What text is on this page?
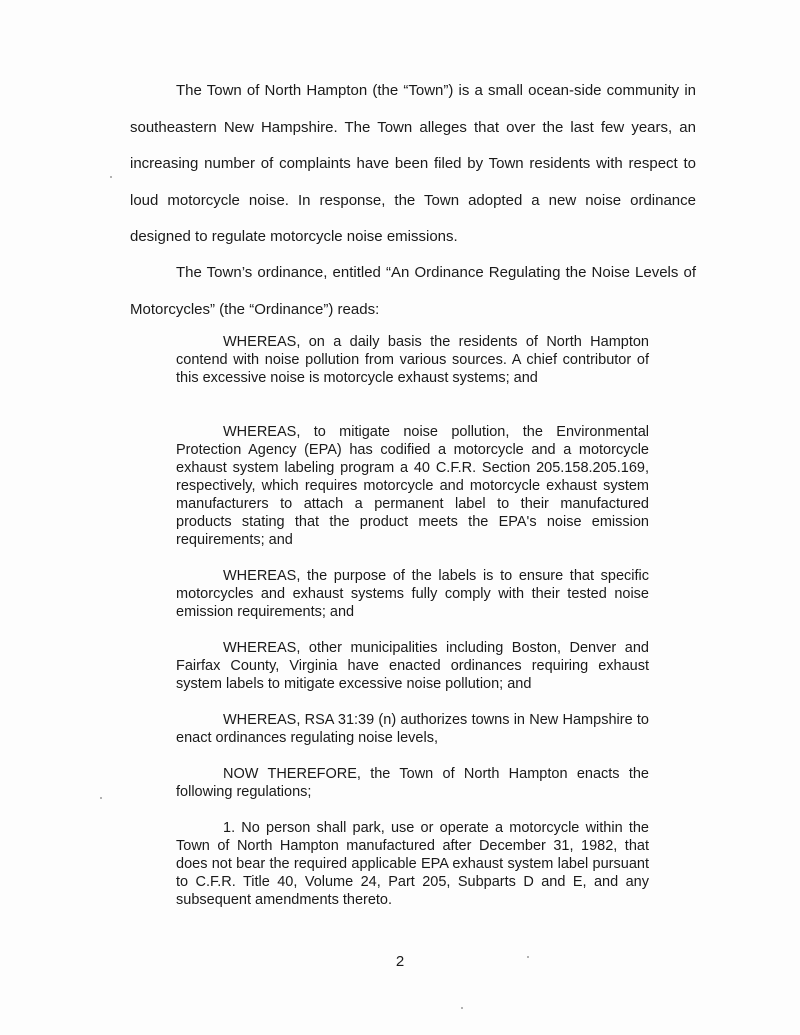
The Town of North Hampton (the “Town”) is a small ocean-side community in southeastern New Hampshire. The Town alleges that over the last few years, an increasing number of complaints have been filed by Town residents with respect to loud motorcycle noise. In response, the Town adopted a new noise ordinance designed to regulate motorcycle noise emissions.

The Town’s ordinance, entitled “An Ordinance Regulating the Noise Levels of Motorcycles” (the “Ordinance”) reads:

WHEREAS, on a daily basis the residents of North Hampton contend with noise pollution from various sources. A chief contributor of this excessive noise is motorcycle exhaust systems; and

WHEREAS, to mitigate noise pollution, the Environmental Protection Agency (EPA) has codified a motorcycle and a motorcycle exhaust system labeling program a 40 C.F.R. Section 205.158.205.169, respectively, which requires motorcycle and motorcycle exhaust system manufacturers to attach a permanent label to their manufactured products stating that the product meets the EPA's noise emission requirements; and

WHEREAS, the purpose of the labels is to ensure that specific motorcycles and exhaust systems fully comply with their tested noise emission requirements; and

WHEREAS, other municipalities including Boston, Denver and Fairfax County, Virginia have enacted ordinances requiring exhaust system labels to mitigate excessive noise pollution; and

WHEREAS, RSA 31:39 (n) authorizes towns in New Hampshire to enact ordinances regulating noise levels,

NOW THEREFORE, the Town of North Hampton enacts the following regulations;

1. No person shall park, use or operate a motorcycle within the Town of North Hampton manufactured after December 31, 1982, that does not bear the required applicable EPA exhaust system label pursuant to C.F.R. Title 40, Volume 24, Part 205, Subparts D and E, and any subsequent amendments thereto.

2
